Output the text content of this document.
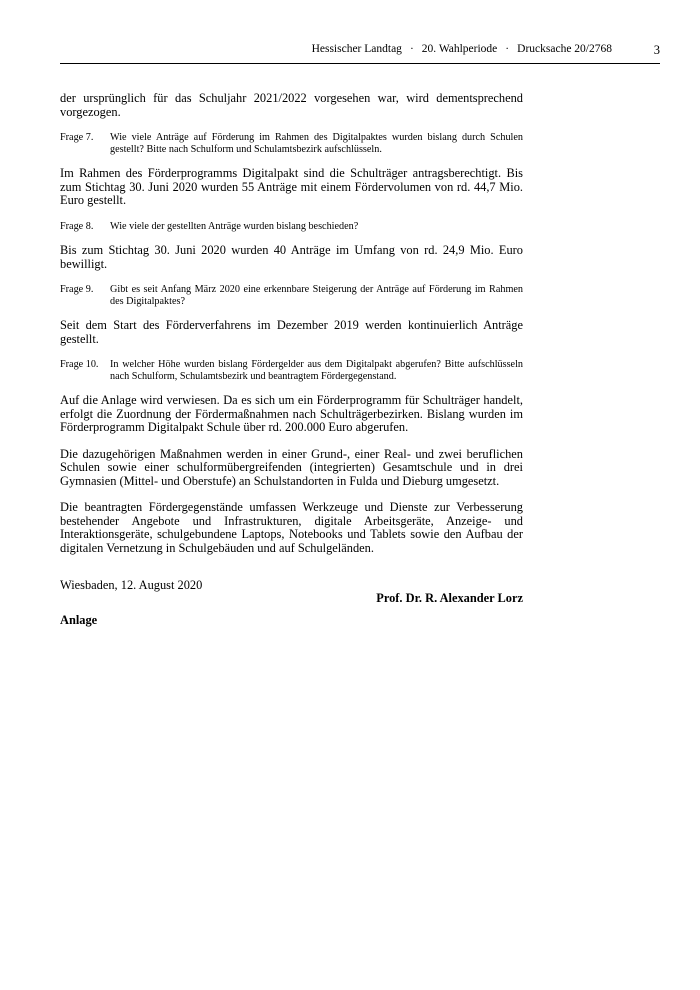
Hessischer Landtag · 20. Wahlperiode · Drucksache 20/2768	3

der ursprünglich für das Schuljahr 2021/2022 vorgesehen war, wird dementsprechend vorgezogen.

Frage 7.	Wie viele Anträge auf Förderung im Rahmen des Digitalpaktes wurden bislang durch Schulen gestellt? Bitte nach Schulform und Schulamtsbezirk aufschlüsseln.

Im Rahmen des Förderprogramms Digitalpakt sind die Schulträger antragsberechtigt. Bis zum Stichtag 30. Juni 2020 wurden 55 Anträge mit einem Fördervolumen von rd. 44,7 Mio. Euro gestellt.

Frage 8.	Wie viele der gestellten Anträge wurden bislang beschieden?

Bis zum Stichtag 30. Juni 2020 wurden 40 Anträge im Umfang von rd. 24,9 Mio. Euro bewilligt.

Frage 9.	Gibt es seit Anfang März 2020 eine erkennbare Steigerung der Anträge auf Förderung im Rahmen des Digitalpaktes?

Seit dem Start des Förderverfahrens im Dezember 2019 werden kontinuierlich Anträge gestellt.

Frage 10.	In welcher Höhe wurden bislang Fördergelder aus dem Digitalpakt abgerufen? Bitte aufschlüsseln nach Schulform, Schulamtsbezirk und beantragtem Fördergegenstand.

Auf die Anlage wird verwiesen. Da es sich um ein Förderprogramm für Schulträger handelt, erfolgt die Zuordnung der Fördermaßnahmen nach Schulträgerbezirken. Bislang wurden im Förderprogramm Digitalpakt Schule über rd. 200.000 Euro abgerufen.

Die dazugehörigen Maßnahmen werden in einer Grund-, einer Real- und zwei beruflichen Schulen sowie einer schulformübergreifenden (integrierten) Gesamtschule und in drei Gymnasien (Mittel- und Oberstufe) an Schulstandorten in Fulda und Dieburg umgesetzt.

Die beantragten Fördergegenstände umfassen Werkzeuge und Dienste zur Verbesserung bestehender Angebote und Infrastrukturen, digitale Arbeitsgeräte, Anzeige- und Interaktionsgeräte, schulgebundene Laptops, Notebooks und Tablets sowie den Aufbau der digitalen Vernetzung in Schulgebäuden und auf Schulgeländen.

Wiesbaden, 12. August 2020
Prof. Dr. R. Alexander Lorz
Anlage
